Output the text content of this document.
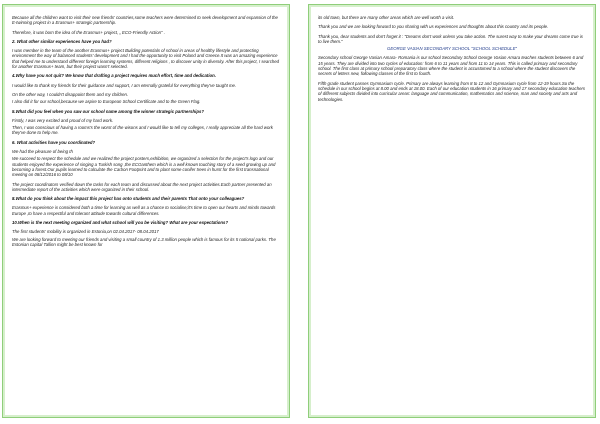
Because all the children want to visit their new friends' countries,some teachers were determined to seek development and expansion of the E-twinning project in a Erasmus+ strategic partnership.

Therefore, it was born the idea of the Erasmus+ project, „ ECO-Friendly Action" .

2. What other similar experiences have you had?

I was member in the team of the another Erasmus+ project Building potentials of school in areas of healthy lifestyle and protecting environment the way of balanced students' development and I had the opportunity to visit Poland and Greece.It was an amazing experience that helped me to understand different foreign learning systems, different religions , to discover unity in diversity. After this project, I searched for another Erasmus+ team, but their project wasn't selected.

4.Why have you not quit? We know that drafting a project requires much effort, time and dedication.

I would like to thank my friends for their guidance and support, I am eternally grateful for everything they've taught me.

On the other way, I couldn't disappoint them and my children.

I also did it for our school,because we aspire to European School Certificate and to the Green Flag.

5.What did you feel when you saw our school name among the winner strategic partnerships?

Firstly, I was very excited and proud of my hard work.

Then, I was conscious of having a rooms's the worst of the wisons and I would like to tell my colleges, I really appreciate all the hard work they've done to help me.

6. What activities have you coordinated?

We had the pleasure of being th

We succeed to respect the schedule and we realized the project posters,exhibition, we organized a selection for the project's logo and our students enjoyed the experience of singing a Turkish song ,the ECOanthem which is a well known touching story of a seed growing up and becoming a forest.Our pupils learned to calculate the Carbon Footprint and to plant some conifer trees in hurst for the first transnational meeting on 08/12/2016 to 08/10

The project coordinators verified down the tasks for each team and discussed about the next project activities.Each partner presented an intermediate report of the activities which were organized in their school.

8.What do you think about the impact this project has onto students and their parents That onto your colleagues?

Erasmus+ experience is considered both a time for learning as well as a chance to socialise;it's time to open our hearts and minds towards Europe ,to have a respectful and tolerant attitude towards cultural differences.

10.When is the next meeting organized and what school will you be visiting? What are your expectations?

The first students' mobility is organized in Estonia,on 02.04.2017- 08.04.2017

We are looking forward to meeting our friends and visiting a small country of 1.3 million people which is famous for its 5 national parks. The Estonian capital Tallinn might be best known for

its old town, but there are many other areas which are well worth a visit.

Thank you and we are looking forward to you sharing with us experiences and thoughts about this country and its people.

Thank you, dear students and don't forget it : "Dreams don't work unless you take action. The surest way to make your dreams come true is to live them."

GEORGE VASIAN SECONDARY SCHOOL "SCHOOL SCHEDULE"

Secondary school George Vasian Amara- Romania is our school Secondary School George Vasian Amara teaches students between 6 and 15 years. They are divided into two cycles of education: from 6 to 11 years and from 11 to 14 years. This is called primary and secondary school. The first class at primary school preparatory class where the student is accustomed to a school where the student discovers the secrets of letters new, following classes of the first to fourth.

Fifth grade student passes Gymnasium cycle. Primary are always learning from 8 to 12 and Gymnasium cycle from 12-19 hours.So the schedule in our school begins at 8.00 and ends at 18.00. Each of our education students in 16 primary and 17 secondary education teachers of different subjects divided into curricular areas: language and communication, mathematics and science, man and society and arts and technologies.
